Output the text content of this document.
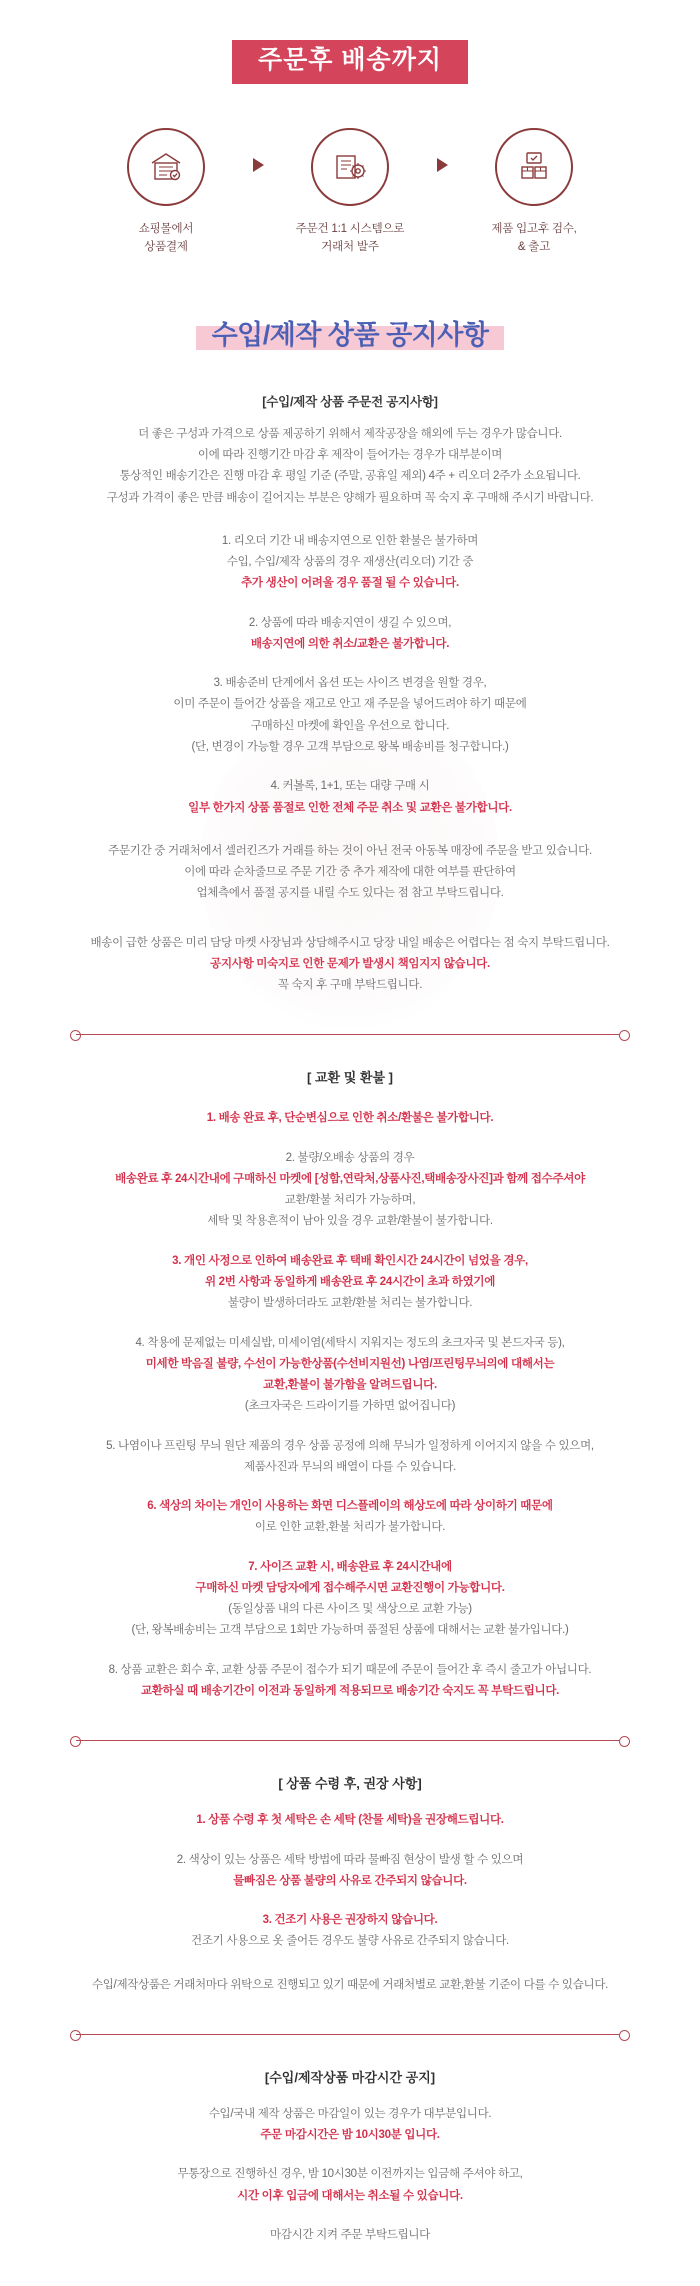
주문후 배송까지
쇼핑몰에서
상품결제
주문건 1:1 시스템으로
거래처 발주
제품 입고후 검수,
& 출고
수입/제작 상품 공지사항
[수입/제작 상품 주문전 공지사항]

더 좋은 구성과 가격으로 상품 제공하기 위해서 제작공장을 해외에 두는 경우가 많습니다.

이에 따라 진행기간 마감 후 제작이 들어가는 경우가 대부분이며

통상적인 배송기간은 진행 마감 후 평일 기준 (주말, 공휴일 제외) 4주 + 리오더 2주가 소요됩니다.

구성과 가격이 좋은 만큼 배송이 길어지는 부분은 양해가 필요하며 꼭 숙지 후 구매해 주시기 바랍니다.

1. 리오더 기간 내 배송지연으로 인한 환불은 불가하며

수입, 수입/제작 상품의 경우 재생산(리오더) 기간 중

추가 생산이 어려울 경우 품절 될 수 있습니다.

2. 상품에 따라 배송지연이 생길 수 있으며,

배송지연에 의한 취소/교환은 불가합니다.

3. 배송준비 단계에서 옵션 또는 사이즈 변경을 원할 경우,

이미 주문이 들어간 상품을 재고로 안고 재 주문을 넣어드려야 하기 때문에

구매하신 마켓에 확인을 우선으로 합니다.

(단, 변경이 가능할 경우 고객 부담으로 왕복 배송비를 청구합니다.)

4. 커볼록, 1+1, 또는 대량 구매 시

일부 한가지 상품 품절로 인한 전체 주문 취소 및 교환은 불가합니다.

주문기간 중 거래처에서 셀러킨즈가 거래를 하는 것이 아닌 전국 아동복 매장에 주문을 받고 있습니다.

이에 따라 순차줄므로 주문 기간 중 추가 제작에 대한 여부를 판단하여

업체측에서 품절 공지를 내릴 수도 있다는 점 참고 부탁드립니다.

배송이 급한 상품은 미리 담당 마켓 사장님과 상담해주시고 당장 내일 배송은 어렵다는 점 숙지 부탁드립니다.

공지사항 미숙지로 인한 문제가 발생시 책임지지 않습니다.

꼭 숙지 후 구매 부탁드립니다.

[ 교환 및 환불 ]

1. 배송 완료 후, 단순변심으로 인한 취소/환불은 불가합니다.

2. 불량/오배송 상품의 경우

배송완료 후 24시간내에 구매하신 마켓에 [성함,연락처,상품사진,택배송장사진]과 함께 접수주셔야

교환/환불 처리가 가능하며,

세탁 및 착용흔적이 남아 있을 경우 교환/환불이 불가합니다.

3. 개인 사정으로 인하여 배송완료 후 택배 확인시간 24시간이 넘었을 경우,

위 2번 사항과 동일하게 배송완료 후 24시간이 초과 하였기에

불량이 발생하더라도 교환/환불 처리는 불가합니다.

4. 착용에 문제없는 미세실밥, 미세이염(세탁시 지워지는 정도의 초크자국 및 본드자국 등),

미세한 박음질 불량, 수선이 가능한상품(수선비지원선) 나염/프린팅무늬의에 대해서는

교환,환불이 불가함을 알려드립니다.

(초크자국은 드라이기를 가하면 없어집니다)

5. 나염이나 프린팅 무늬 원단 제품의 경우 상품 공정에 의해 무늬가 일정하게 이어지지 않을 수 있으며,

제품사진과 무늬의 배열이 다를 수 있습니다.

6. 색상의 차이는 개인이 사용하는 화면 디스플레이의 해상도에 따라 상이하기 때문에

이로 인한 교환,환불 처리가 불가합니다.

7. 사이즈 교환 시, 배송완료 후 24시간내에

구매하신 마켓 담당자에게 접수해주시면 교환진행이 가능합니다.

(동일상품 내의 다른 사이즈 및 색상으로 교환 가능)

(단, 왕복배송비는 고객 부담으로 1회만 가능하며 품절된 상품에 대해서는 교환 불가입니다.)

8. 상품 교환은 회수 후, 교환 상품 주문이 접수가 되기 때문에 주문이 들어간 후 즉시 줄고가 아닙니다.

교환하실 때 배송기간이 이전과 동일하게 적용되므로 배송기간 숙지도 꼭 부탁드립니다.

[ 상품 수령 후, 권장 사항]

1. 상품 수령 후 첫 세탁은 손 세탁 (찬물 세탁)을 권장해드립니다.

2. 색상이 있는 상품은 세탁 방법에 따라 물빠짐 현상이 발생 할 수 있으며

물빠짐은 상품 불량의 사유로 간주되지 않습니다.

3. 건조기 사용은 권장하지 않습니다.

건조기 사용으로 옷 줄어든 경우도 불량 사유로 간주되지 않습니다.

수입/제작상품은 거래처마다 위탁으로 진행되고 있기 때문에 거래처별로 교환,환불 기준이 다를 수 있습니다.

[수입/제작상품 마감시간 공지]

수입/국내 제작 상품은 마감일이 있는 경우가 대부분입니다.

주문 마감시간은 밤 10시30분 입니다.

무통장으로 진행하신 경우, 밤 10시30분 이전까지는 입금해 주셔야 하고,

시간 이후 입금에 대해서는 취소될 수 있습니다.

마감시간 지켜 주문 부탁드립니다
